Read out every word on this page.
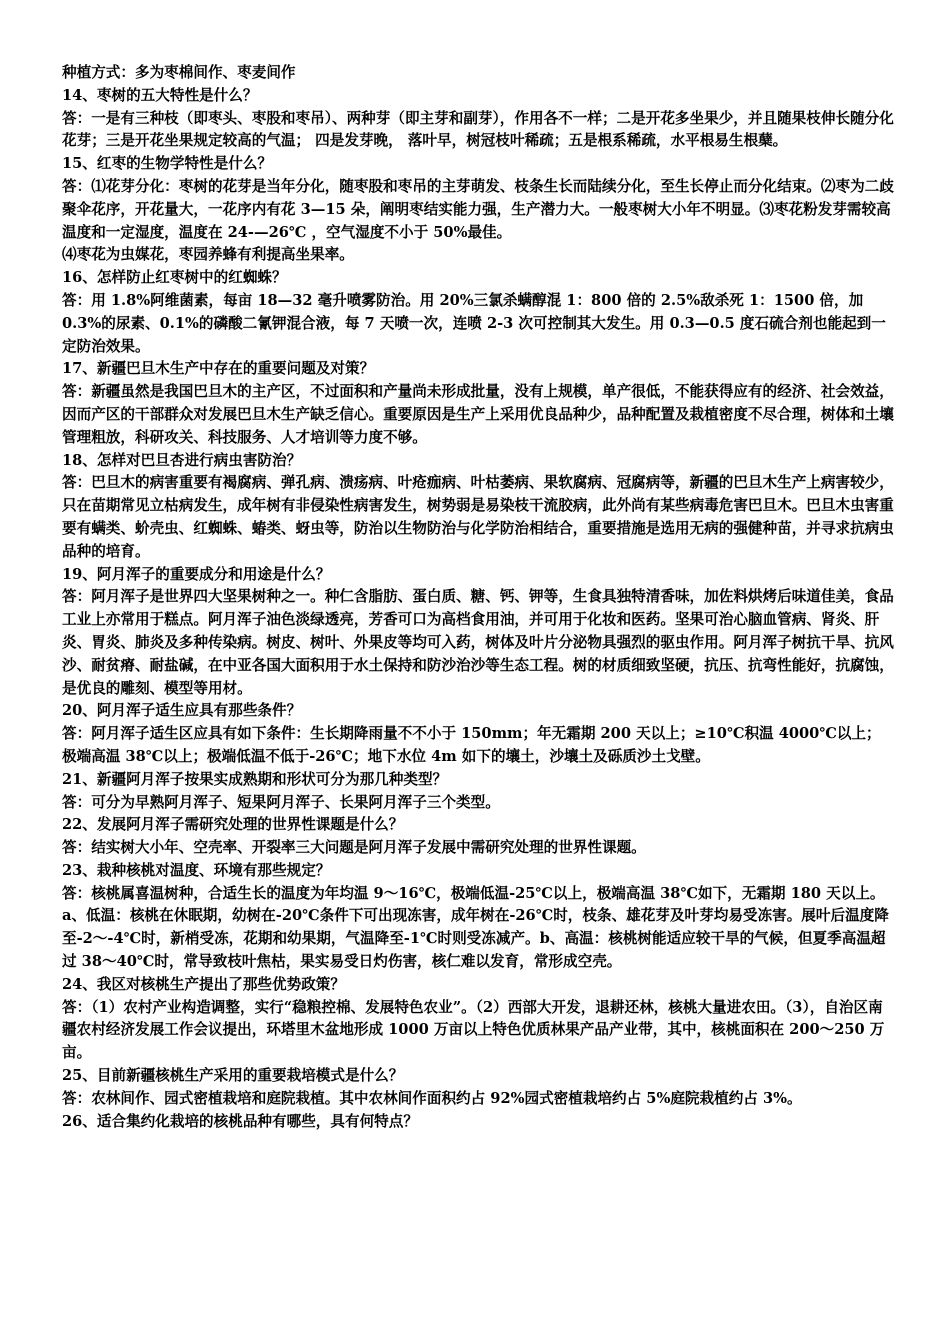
种植方式：多为枣棉间作、枣麦间作

14、枣树的五大特性是什么？

答：一是有三种枝（即枣头、枣股和枣吊）、两种芽（即主芽和副芽），作用各不一样；二是开花多坐果少，并且随果枝伸长随分化花芽；三是开花坐果规定较高的气温； 四是发芽晚， 落叶早，树冠枝叶稀疏；五是根系稀疏，水平根易生根蘖。

15、红枣的生物学特性是什么？

答：⑴花芽分化：枣树的花芽是当年分化，随枣股和枣吊的主芽萌发、枝条生长而陆续分化，至生长停止而分化结束。⑵枣为二歧聚伞花序，开花量大，一花序内有花 3—15 朵，阐明枣结实能力强，生产潜力大。一般枣树大小年不明显。⑶枣花粉发芽需较高温度和一定湿度，温度在 24-—26℃ ，空气湿度不小于 50%最佳。

⑷枣花为虫媒花，枣园养蜂有利提高坐果率。

16、怎样防止红枣树中的红蜘蛛？

答：用 1.8%阿维菌素，每亩 18—32 毫升喷雾防治。用 20%三氯杀螨醇混 1：800 倍的 2.5%敌杀死 1：1500 倍，加 0.3%的尿素、0.1%的磷酸二氰钾混合液，每 7 天喷一次，连喷 2-3 次可控制其大发生。用 0.3—0.5 度石硫合剂也能起到一定防治效果。

17、新疆巴旦木生产中存在的重要问题及对策？

答：新疆虽然是我国巴旦木的主产区，不过面积和产量尚未形成批量，没有上规模，单产很低，不能获得应有的经济、社会效益，因而产区的干部群众对发展巴旦木生产缺乏信心。重要原因是生产上采用优良品种少，品种配置及栽植密度不尽合理，树体和土壤管理粗放，科研攻关、科技服务、人才培训等力度不够。

18、怎样对巴旦杏进行病虫害防治？

答：巴旦木的病害重要有褐腐病、弹孔病、溃疡病、叶疮痂病、叶枯萎病、果软腐病、冠腐病等，新疆的巴旦木生产上病害较少，只在苗期常见立枯病发生，成年树有非侵染性病害发生，树势弱是易染枝干流胶病，此外尚有某些病毒危害巴旦木。巴旦木虫害重要有螨类、蚧壳虫、红蜘蛛、蝽类、蚜虫等，防治以生物防治与化学防治相结合，重要措施是选用无病的强健种苗，并寻求抗病虫品种的培育。

19、阿月浑子的重要成分和用途是什么？

答：阿月浑子是世界四大坚果树种之一。种仁含脂肪、蛋白质、糖、钙、钾等，生食具独特清香味，加佐料烘烤后味道佳美，食品工业上亦常用于糕点。阿月浑子油色淡绿透亮，芳香可口为高档食用油，并可用于化妆和医药。坚果可治心脑血管病、肾炎、肝炎、胃炎、肺炎及多种传染病。树皮、树叶、外果皮等均可入药，树体及叶片分泌物具强烈的驱虫作用。阿月浑子树抗干旱、抗风沙、耐贫瘠、耐盐碱，在中亚各国大面积用于水土保持和防沙治沙等生态工程。树的材质细致坚硬，抗压、抗弯性能好，抗腐蚀，是优良的雕刻、模型等用材。

20、阿月浑子适生应具有那些条件？

答：阿月浑子适生区应具有如下条件：生长期降雨量不不小于 150mm；年无霜期 200 天以上；≥10℃积温 4000℃以上；极端高温 38℃以上；极端低温不低于-26℃；地下水位 4m 如下的壤土，沙壤土及砾质沙土戈壁。

21、新疆阿月浑子按果实成熟期和形状可分为那几种类型？

答：可分为早熟阿月浑子、短果阿月浑子、长果阿月浑子三个类型。

22、发展阿月浑子需研究处理的世界性课题是什么？

答：结实树大小年、空壳率、开裂率三大问题是阿月浑子发展中需研究处理的世界性课题。

23、栽种核桃对温度、环境有那些规定？

答：核桃属喜温树种，合适生长的温度为年均温 9～16℃，极端低温-25℃以上，极端高温 38℃如下，无霜期 180 天以上。a、低温：核桃在休眠期，幼树在-20℃条件下可出现冻害，成年树在-26℃时，枝条、雄花芽及叶芽均易受冻害。展叶后温度降至-2～-4℃时，新梢受冻，花期和幼果期，气温降至-1℃时则受冻减产。b、高温：核桃树能适应较干旱的气候，但夏季高温超过 38～40℃时，常导致枝叶焦枯，果实易受日灼伤害，核仁难以发育，常形成空壳。

24、我区对核桃生产提出了那些优势政策？

答：（1）农村产业构造调整，实行“稳粮控棉、发展特色农业”。（2）西部大开发，退耕还林，核桃大量进农田。（3），自治区南疆农村经济发展工作会议提出，环塔里木盆地形成 1000 万亩以上特色优质林果产品产业带，其中，核桃面积在 200～250 万亩。

25、目前新疆核桃生产采用的重要栽培模式是什么？

答：农林间作、园式密植栽培和庭院栽植。其中农林间作面积约占 92%园式密植栽培约占 5%庭院栽植约占 3%。

26、适合集约化栽培的核桃品种有哪些，具有何特点？
